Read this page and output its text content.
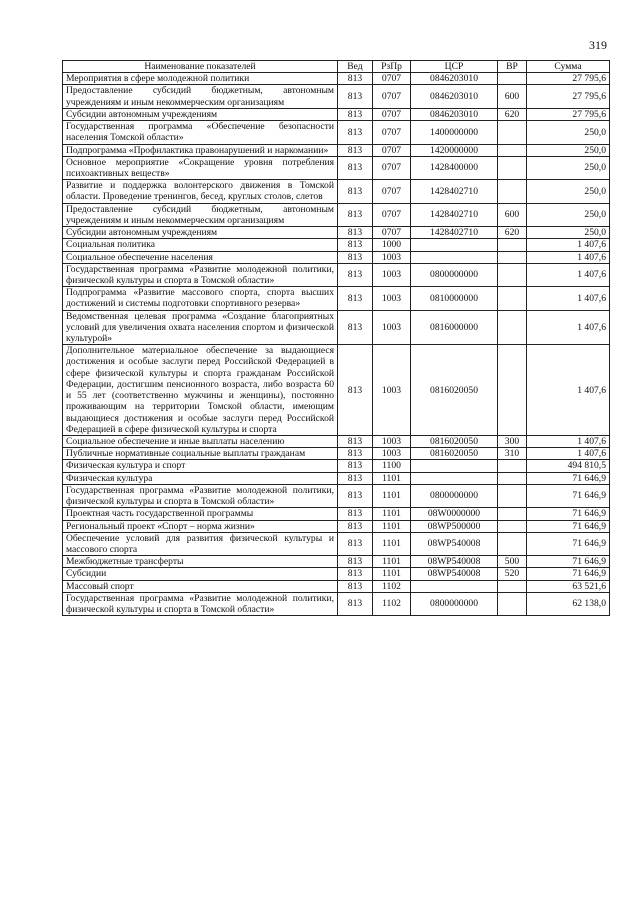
319
Наименование показателей	Вед	РзПр	ЦСР	ВР	Сумма
Мероприятия в сфере молодежной политики	813	0707	0846203010		27 795,6
Предоставление субсидий бюджетным, автономным учреждениям и иным некоммерческим организациям	813	0707	0846203010	600	27 795,6
Субсидии автономным учреждениям	813	0707	0846203010	620	27 795,6
Государственная программа «Обеспечение безопасности населения Томской области»	813	0707	1400000000		250,0
Подпрограмма «Профилактика правонарушений и наркомании»	813	0707	1420000000		250,0
Основное мероприятие «Сокращение уровня потребления психоактивных веществ»	813	0707	1428400000		250,0
Развитие и поддержка волонтерского движения в Томской области. Проведение тренингов, бесед, круглых столов, слетов	813	0707	1428402710		250,0
Предоставление субсидий бюджетным, автономным учреждениям и иным некоммерческим организациям	813	0707	1428402710	600	250,0
Субсидии автономным учреждениям	813	0707	1428402710	620	250,0
Социальная политика	813	1000			1 407,6
Социальное обеспечение населения	813	1003			1 407,6
Государственная программа «Развитие молодежной политики, физической культуры и спорта в Томской области»	813	1003	0800000000		1 407,6
Подпрограмма «Развитие массового спорта, спорта высших достижений и системы подготовки спортивного резерва»	813	1003	0810000000		1 407,6
Ведомственная целевая программа «Создание благоприятных условий для увеличения охвата населения спортом и физической культурой»	813	1003	0816000000		1 407,6
Дополнительное материальное обеспечение за выдающиеся достижения и особые заслуги перед Российской Федерацией в сфере физической культуры и спорта гражданам Российской Федерации, достигшим пенсионного возраста, либо возраста 60 и 55 лет (соответственно мужчины и женщины), постоянно проживающим на территории Томской области, имеющим выдающиеся достижения и особые заслуги перед Российской Федерацией в сфере физической культуры и спорта	813	1003	0816020050		1 407,6
Социальное обеспечение и иные выплаты населению	813	1003	0816020050	300	1 407,6
Публичные нормативные социальные выплаты гражданам	813	1003	0816020050	310	1 407,6
Физическая культура и спорт	813	1100			494 810,5
Физическая культура	813	1101			71 646,9
Государственная программа «Развитие молодежной политики, физической культуры и спорта в Томской области»	813	1101	0800000000		71 646,9
Проектная часть государственной программы	813	1101	08W0000000		71 646,9
Региональный проект «Спорт – норма жизни»	813	1101	08WP500000		71 646,9
Обеспечение условий для развития физической культуры и массового спорта	813	1101	08WP540008		71 646,9
Межбюджетные трансферты	813	1101	08WP540008	500	71 646,9
Субсидии	813	1101	08WP540008	520	71 646,9
Массовый спорт	813	1102			63 521,6
Государственная программа «Развитие молодежной политики, физической культуры и спорта в Томской области»	813	1102	0800000000		62 138,0
